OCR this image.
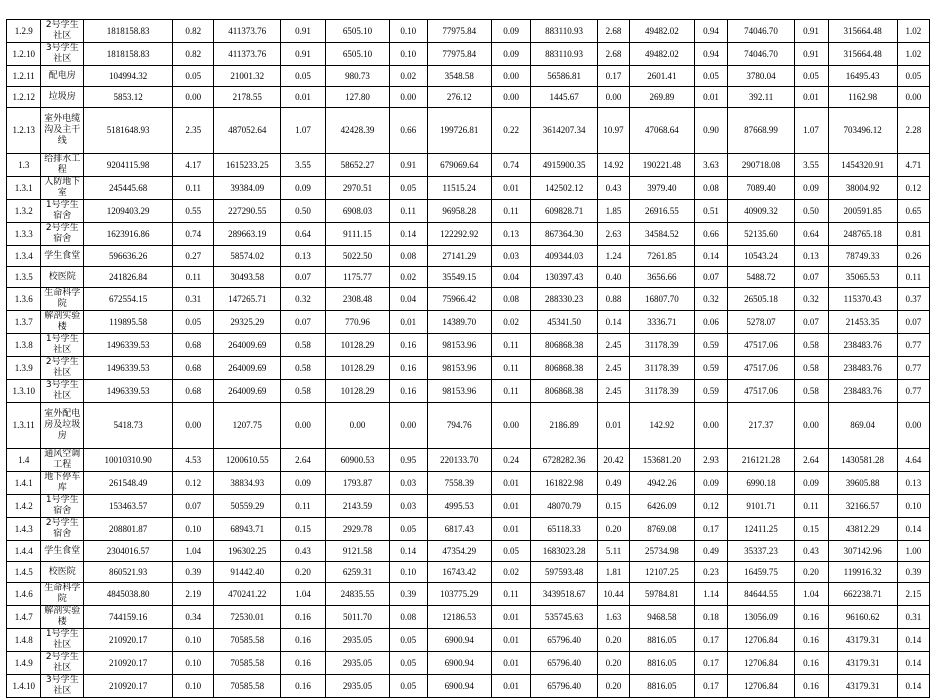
1.2.9	2号学生社区	1818158.83	0.82	411373.76	0.91	6505.10	0.10	77975.84	0.09	883110.93	2.68	49482.02	0.94	74046.70	0.91	315664.48	1.02
1.2.10	3号学生社区	1818158.83	0.82	411373.76	0.91	6505.10	0.10	77975.84	0.09	883110.93	2.68	49482.02	0.94	74046.70	0.91	315664.48	1.02
1.2.11	配电房	104994.32	0.05	21001.32	0.05	980.73	0.02	3548.58	0.00	56586.81	0.17	2601.41	0.05	3780.04	0.05	16495.43	0.05
1.2.12	垃圾房	5853.12	0.00	2178.55	0.01	127.80	0.00	276.12	0.00	1445.67	0.00	269.89	0.01	392.11	0.01	1162.98	0.00
1.2.13	室外电缆沟及主干线	5181648.93	2.35	487052.64	1.07	42428.39	0.66	199726.81	0.22	3614207.34	10.97	47068.64	0.90	87668.99	1.07	703496.12	2.28
1.3	给排水工程	9204115.98	4.17	1615233.25	3.55	58652.27	0.91	679069.64	0.74	4915900.35	14.92	190221.48	3.63	290718.08	3.55	1454320.91	4.71
1.3.1	人防地下室	245445.68	0.11	39384.09	0.09	2970.51	0.05	11515.24	0.01	142502.12	0.43	3979.40	0.08	7089.40	0.09	38004.92	0.12
1.3.2	1号学生宿舍	1209403.29	0.55	227290.55	0.50	6908.03	0.11	96958.28	0.11	609828.71	1.85	26916.55	0.51	40909.32	0.50	200591.85	0.65
1.3.3	2号学生宿舍	1623916.86	0.74	289663.19	0.64	9111.15	0.14	122292.92	0.13	867364.30	2.63	34584.52	0.66	52135.60	0.64	248765.18	0.81
1.3.4	学生食堂	596636.26	0.27	58574.02	0.13	5022.50	0.08	27141.29	0.03	409344.03	1.24	7261.85	0.14	10543.24	0.13	78749.33	0.26
1.3.5	校医院	241826.84	0.11	30493.58	0.07	1175.77	0.02	35549.15	0.04	130397.43	0.40	3656.66	0.07	5488.72	0.07	35065.53	0.11
1.3.6	生命科学院	672554.15	0.31	147265.71	0.32	2308.48	0.04	75966.42	0.08	288330.23	0.88	16807.70	0.32	26505.18	0.32	115370.43	0.37
1.3.7	解剖实验楼	119895.58	0.05	29325.29	0.07	770.96	0.01	14389.70	0.02	45341.50	0.14	3336.71	0.06	5278.07	0.07	21453.35	0.07
1.3.8	1号学生社区	1496339.53	0.68	264009.69	0.58	10128.29	0.16	98153.96	0.11	806868.38	2.45	31178.39	0.59	47517.06	0.58	238483.76	0.77
1.3.9	2号学生社区	1496339.53	0.68	264009.69	0.58	10128.29	0.16	98153.96	0.11	806868.38	2.45	31178.39	0.59	47517.06	0.58	238483.76	0.77
1.3.10	3号学生社区	1496339.53	0.68	264009.69	0.58	10128.29	0.16	98153.96	0.11	806868.38	2.45	31178.39	0.59	47517.06	0.58	238483.76	0.77
1.3.11	室外配电房及垃圾房	5418.73	0.00	1207.75	0.00	0.00	0.00	794.76	0.00	2186.89	0.01	142.92	0.00	217.37	0.00	869.04	0.00
1.4	通风空调工程	10010310.90	4.53	1200610.55	2.64	60900.53	0.95	220133.70	0.24	6728282.36	20.42	153681.20	2.93	216121.28	2.64	1430581.28	4.64
1.4.1	地下停车库	261548.49	0.12	38834.93	0.09	1793.87	0.03	7558.39	0.01	161822.98	0.49	4942.26	0.09	6990.18	0.09	39605.88	0.13
1.4.2	1号学生宿舍	153463.57	0.07	50559.29	0.11	2143.59	0.03	4995.53	0.01	48070.79	0.15	6426.09	0.12	9101.71	0.11	32166.57	0.10
1.4.3	2号学生宿舍	208801.87	0.10	68943.71	0.15	2929.78	0.05	6817.43	0.01	65118.33	0.20	8769.08	0.17	12411.25	0.15	43812.29	0.14
1.4.4	学生食堂	2304016.57	1.04	196302.25	0.43	9121.58	0.14	47354.29	0.05	1683023.28	5.11	25734.98	0.49	35337.23	0.43	307142.96	1.00
1.4.5	校医院	860521.93	0.39	91442.40	0.20	6259.31	0.10	16743.42	0.02	597593.48	1.81	12107.25	0.23	16459.75	0.20	119916.32	0.39
1.4.6	生命科学院	4845038.80	2.19	470241.22	1.04	24835.55	0.39	103775.29	0.11	3439518.67	10.44	59784.81	1.14	84644.55	1.04	662238.71	2.15
1.4.7	解剖实验楼	744159.16	0.34	72530.01	0.16	5011.70	0.08	12186.53	0.01	535745.63	1.63	9468.58	0.18	13056.09	0.16	96160.62	0.31
1.4.8	1号学生社区	210920.17	0.10	70585.58	0.16	2935.05	0.05	6900.94	0.01	65796.40	0.20	8816.05	0.17	12706.84	0.16	43179.31	0.14
1.4.9	2号学生社区	210920.17	0.10	70585.58	0.16	2935.05	0.05	6900.94	0.01	65796.40	0.20	8816.05	0.17	12706.84	0.16	43179.31	0.14
1.4.10	3号学生社区	210920.17	0.10	70585.58	0.16	2935.05	0.05	6900.94	0.01	65796.40	0.20	8816.05	0.17	12706.84	0.16	43179.31	0.14
